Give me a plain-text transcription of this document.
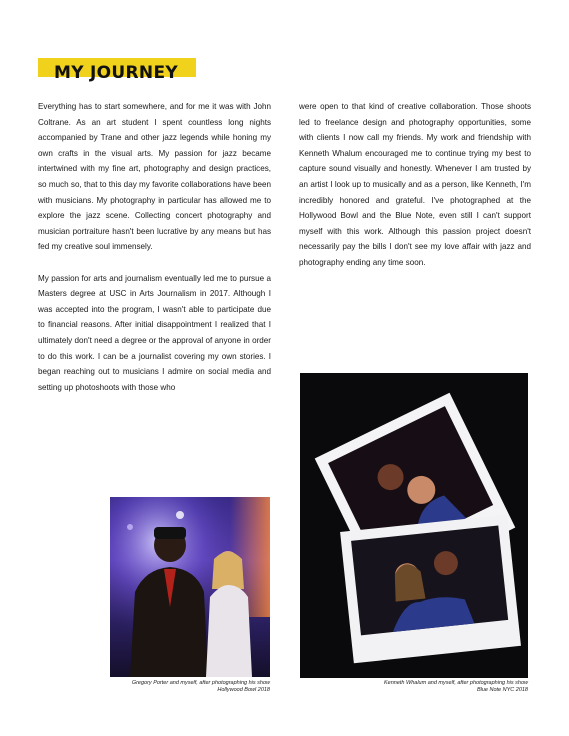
MY JOURNEY

Everything has to start somewhere, and for me it was with John Coltrane. As an art student I spent countless long nights accompanied by Trane and other jazz legends while honing my own crafts in the visual arts. My passion for jazz became intertwined with my fine art, photography and design practices, so much so, that to this day my favorite collaborations have been with musicians. My photography in particular has allowed me to explore the jazz scene. Collecting concert photography and musician portraiture hasn't been lucrative by any means but has fed my creative soul immensely.

My passion for arts and journalism eventually led me to pursue a Masters degree at USC in Arts Journalism in 2017. Although I was accepted into the program, I wasn't able to participate due to financial reasons. After initial disappointment I realized that I ultimately don't need a degree or the approval of anyone in order to do this work. I can be a journalist covering my own stories. I began reaching out to musicians I admire on social media and setting up photoshoots with those who

were open to that kind of creative collaboration. Those shoots led to freelance design and photography opportunities, some with clients I now call my friends. My work and friendship with Kenneth Whalum encouraged me to continue trying my best to capture sound visually and honestly. Whenever I am trusted by an artist I look up to musically and as a person, like Kenneth, I'm incredibly honored and grateful. I've photographed at the Hollywood Bowl and the Blue Note, even still I can't support myself with this work. Although this passion project doesn't necessarily pay the bills I don't see my love affair with jazz and photography ending any time soon.

Gregory Porter and myself, after photographing his show
Hollywood Bowl 2018
Kenneth Whalum and myself, after photographing his show
Blue Note NYC 2018
